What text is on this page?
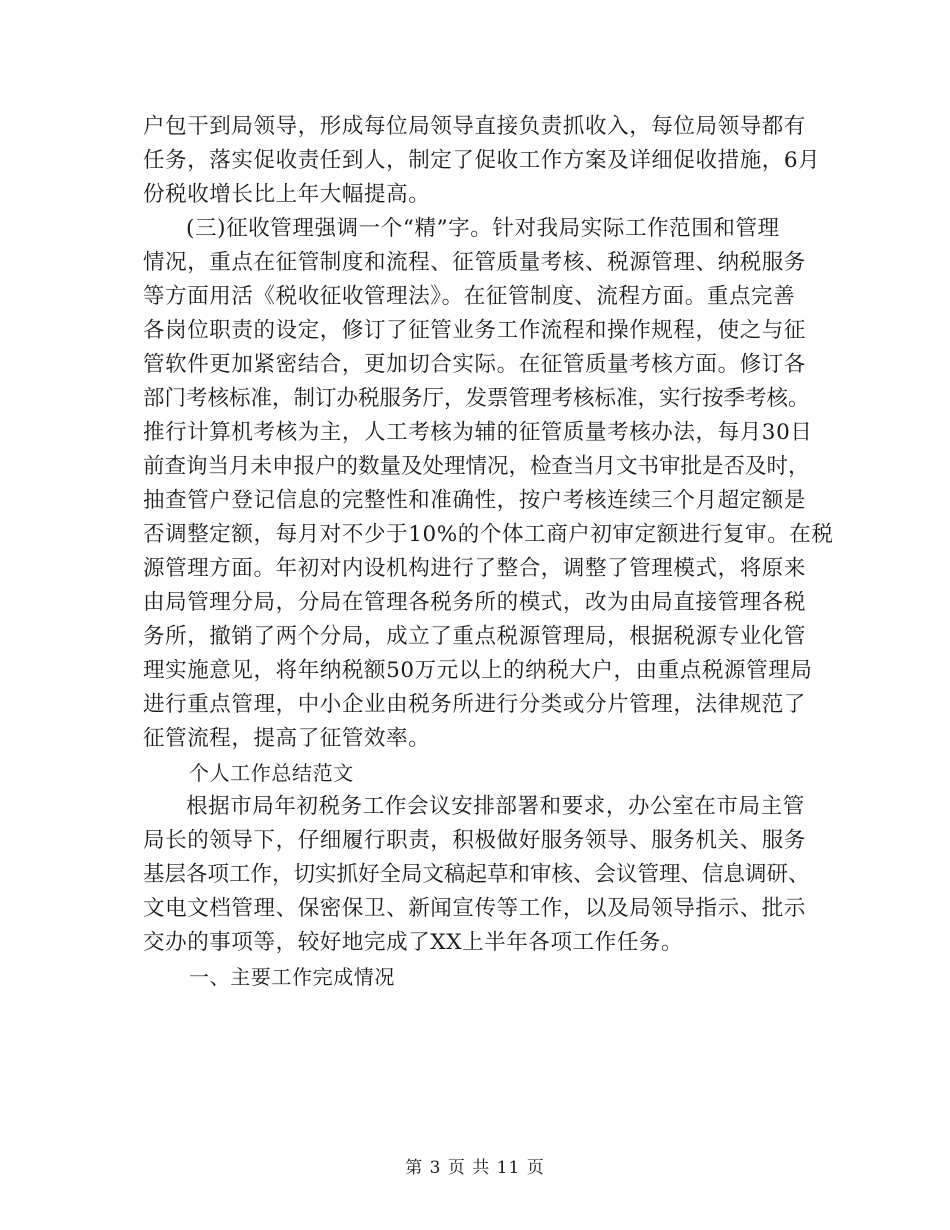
户包干到局领导，形成每位局领导直接负责抓收入，每位局领导都有
任务，落实促收责任到人，制定了促收工作方案及详细促收措施，6月
份税收增长比上年大幅提高。
(三)征收管理强调一个“精”字。针对我局实际工作范围和管理
情况，重点在征管制度和流程、征管质量考核、税源管理、纳税服务
等方面用活《税收征收管理法》。在征管制度、流程方面。重点完善
各岗位职责的设定，修订了征管业务工作流程和操作规程，使之与征
管软件更加紧密结合，更加切合实际。在征管质量考核方面。修订各
部门考核标准，制订办税服务厅，发票管理考核标准，实行按季考核。
推行计算机考核为主，人工考核为辅的征管质量考核办法，每月30日
前查询当月未申报户的数量及处理情况，检查当月文书审批是否及时，
抽查管户登记信息的完整性和准确性，按户考核连续三个月超定额是
否调整定额，每月对不少于10%的个体工商户初审定额进行复审。在税
源管理方面。年初对内设机构进行了整合，调整了管理模式，将原来
由局管理分局，分局在管理各税务所的模式，改为由局直接管理各税
务所，撤销了两个分局，成立了重点税源管理局，根据税源专业化管
理实施意见，将年纳税额50万元以上的纳税大户，由重点税源管理局
进行重点管理，中小企业由税务所进行分类或分片管理，法律规范了
征管流程，提高了征管效率。
个人工作总结范文
根据市局年初税务工作会议安排部署和要求，办公室在市局主管
局长的领导下，仔细履行职责，积极做好服务领导、服务机关、服务
基层各项工作，切实抓好全局文稿起草和审核、会议管理、信息调研、
文电文档管理、保密保卫、新闻宣传等工作，以及局领导指示、批示
交办的事项等，较好地完成了XX上半年各项工作任务。
一、主要工作完成情况
第 3 页 共 11 页
